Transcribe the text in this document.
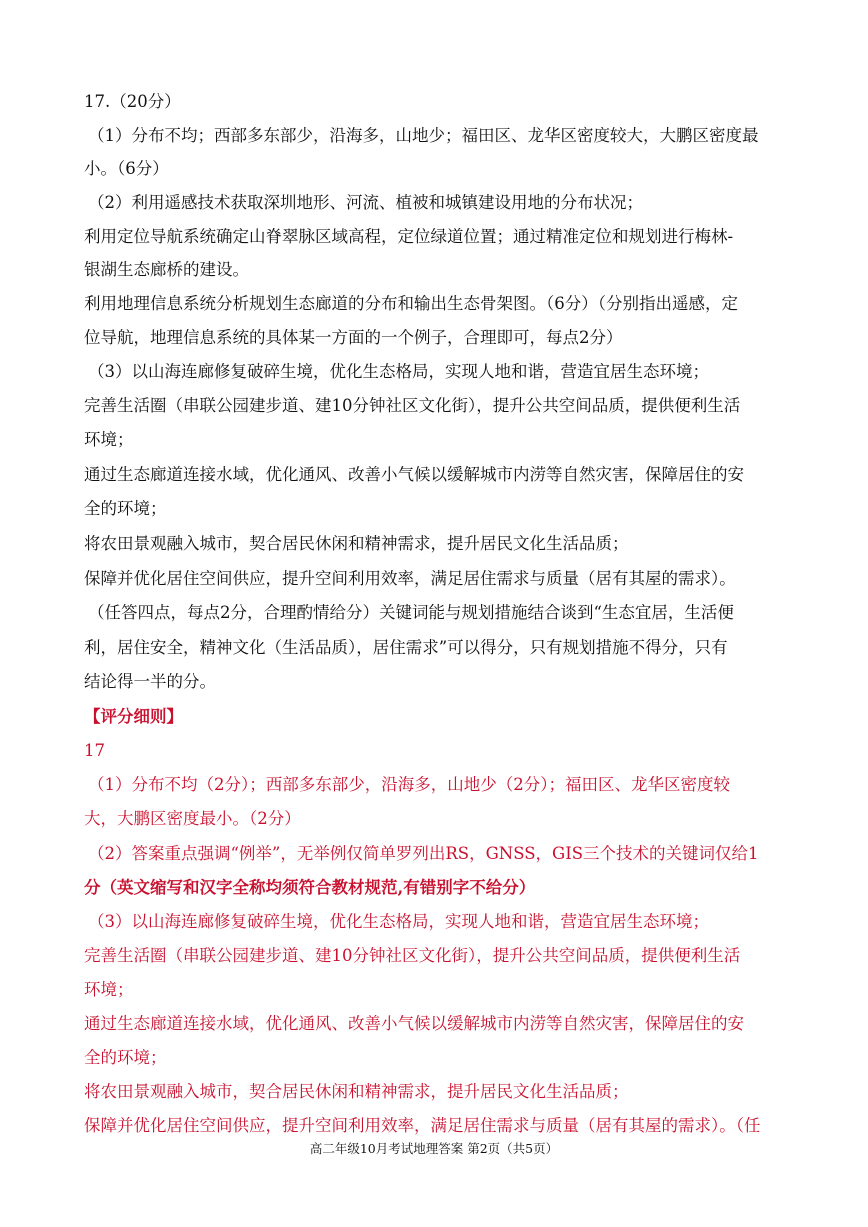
17.（20分）
（1）分布不均；西部多东部少，沿海多，山地少；福田区、龙华区密度较大，大鹏区密度最
小。（6分）
（2）利用遥感技术获取深圳地形、河流、植被和城镇建设用地的分布状况；
利用定位导航系统确定山脊翠脉区域高程，定位绿道位置；通过精准定位和规划进行梅林-
银湖生态廊桥的建设。
利用地理信息系统分析规划生态廊道的分布和输出生态骨架图。（6分）（分别指出遥感，定
位导航，地理信息系统的具体某一方面的一个例子，合理即可，每点2分）
（3）以山海连廊修复破碎生境，优化生态格局，实现人地和谐，营造宜居生态环境；
完善生活圈（串联公园建步道、建10分钟社区文化街），提升公共空间品质，提供便利生活
环境；
通过生态廊道连接水域，优化通风、改善小气候以缓解城市内涝等自然灾害，保障居住的安
全的环境；
将农田景观融入城市，契合居民休闲和精神需求，提升居民文化生活品质；
保障并优化居住空间供应，提升空间利用效率，满足居住需求与质量（居有其屋的需求）。
（任答四点，每点2分，合理酌情给分）关键词能与规划措施结合谈到“生态宜居，生活便
利，居住安全，精神文化（生活品质），居住需求”可以得分，只有规划措施不得分，只有
结论得一半的分。
【评分细则】
17
（1）分布不均（2分）；西部多东部少，沿海多，山地少（2分）；福田区、龙华区密度较
大，大鹏区密度最小。（2分）
（2）答案重点强调“例举”，无举例仅简单罗列出RS，GNSS，GIS三个技术的关键词仅给1
分（英文缩写和汉字全称均须符合教材规范,有错别字不给分）
（3）以山海连廊修复破碎生境，优化生态格局，实现人地和谐，营造宜居生态环境；
完善生活圈（串联公园建步道、建10分钟社区文化街），提升公共空间品质，提供便利生活
环境；
通过生态廊道连接水域，优化通风、改善小气候以缓解城市内涝等自然灾害，保障居住的安
全的环境；
将农田景观融入城市，契合居民休闲和精神需求，提升居民文化生活品质；
保障并优化居住空间供应，提升空间利用效率，满足居住需求与质量（居有其屋的需求）。（任
高二年级10月考试地理答案 第2页（共5页）
